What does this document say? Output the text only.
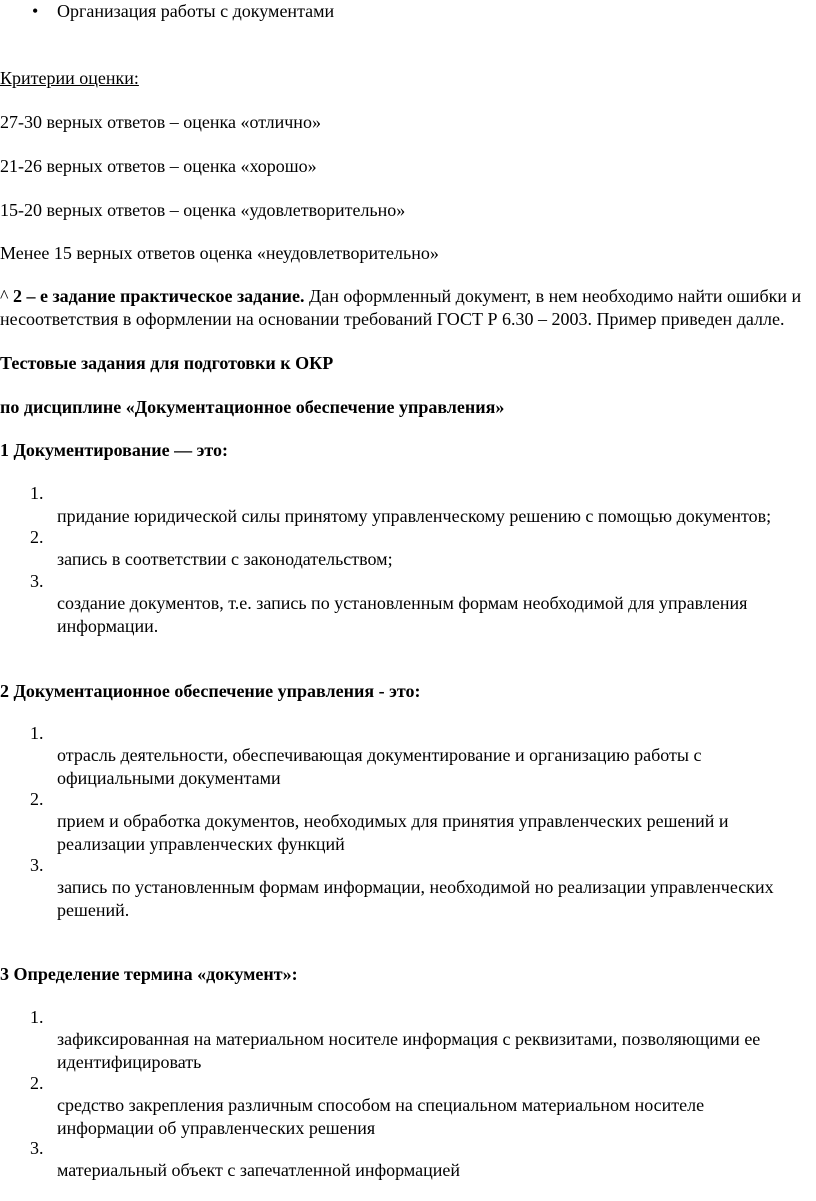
• Организация работы с документами
Критерии оценки:
27-30 верных ответов – оценка «отлично»
21-26 верных ответов – оценка «хорошо»
15-20 верных ответов – оценка «удовлетворительно»
Менее 15 верных ответов оценка «неудовлетворительно»
^ 2 – е задание практическое задание. Дан оформленный документ, в нем необходимо найти ошибки и несоответствия в оформлении на основании требований ГОСТ Р 6.30 – 2003. Пример приведен далле.
Тестовые задания для подготовки к ОКР
по дисциплине «Документационное обеспечение управления»
1 Документирование — это:
1.
придание юридической силы принятому управленческому решению с помощью документов;
2.
запись в соответствии с законодательством;
3.
создание документов, т.е. запись по установленным формам необходимой для управления информации.
2 Документационное обеспечение управления - это:
1.
отрасль деятельности, обеспечивающая документирование и организацию работы с официальными документами
2.
прием и обработка документов, необходимых для принятия управленческих решений и реализации управленческих функций
3.
запись по установленным формам информации, необходимой но реализации управленческих решений.
3 Определение термина «документ»:
1.
зафиксированная на материальном носителе информация с реквизитами, позволяющими ее идентифицировать
2.
средство закрепления различным способом на специальном материальном носителе информации об управленческих решения
3.
материальный объект с запечатленной информацией
